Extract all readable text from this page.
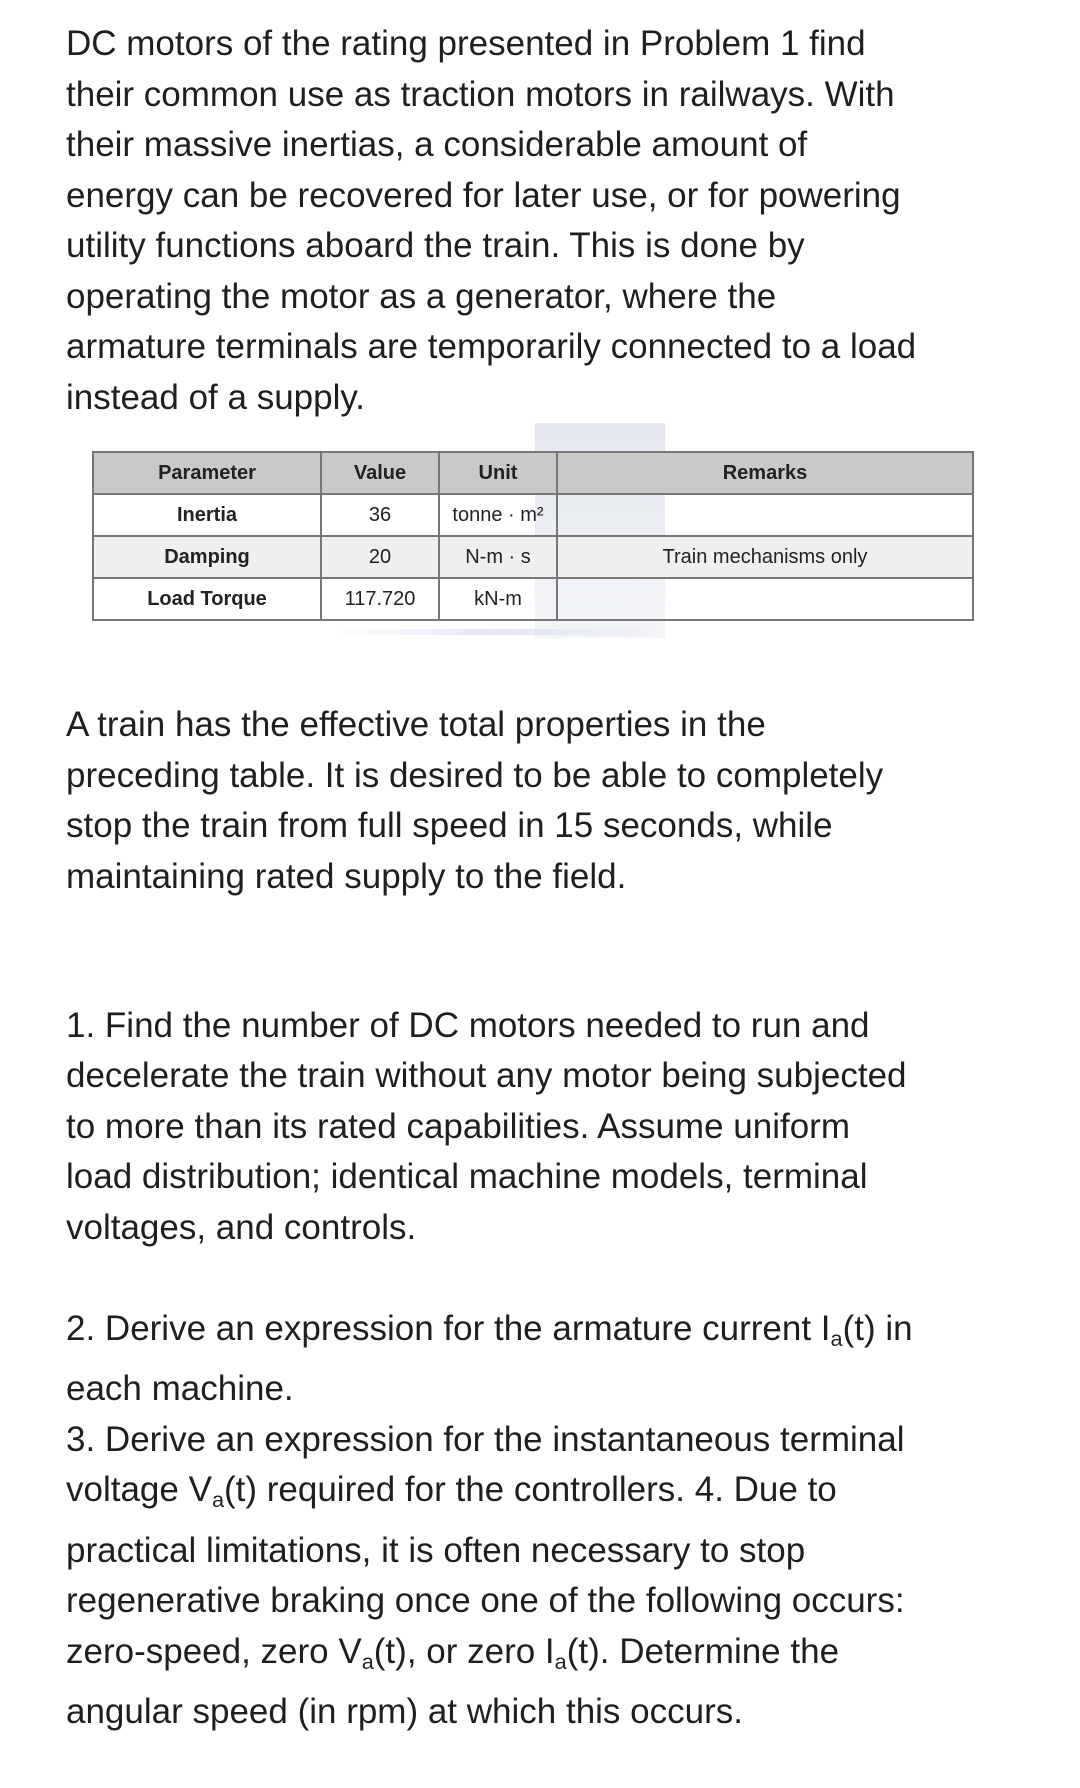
DC motors of the rating presented in Problem 1 find
their common use as traction motors in railways. With
their massive inertias, a considerable amount of
energy can be recovered for later use, or for powering
utility functions aboard the train. This is done by
operating the motor as a generator, where the
armature terminals are temporarily connected to a load
instead of a supply.

Parameter	Value	Unit	Remarks
Inertia	36	tonne · m²	
Damping	20	N-m · s	Train mechanisms only
Load Torque	117.720	kN-m	

A train has the effective total properties in the
preceding table. It is desired to be able to completely
stop the train from full speed in 15 seconds, while
maintaining rated supply to the field.

1. Find the number of DC motors needed to run and
decelerate the train without any motor being subjected
to more than its rated capabilities. Assume uniform
load distribution; identical machine models, terminal
voltages, and controls.

2. Derive an expression for the armature current $I_a(t)$ in
each machine.
3. Derive an expression for the instantaneous terminal
voltage $V_a(t)$ required for the controllers. 4. Due to
practical limitations, it is often necessary to stop
regenerative braking once one of the following occurs:
zero-speed, zero $V_a(t)$, or zero $I_a(t)$. Determine the
angular speed (in rpm) at which this occurs.
